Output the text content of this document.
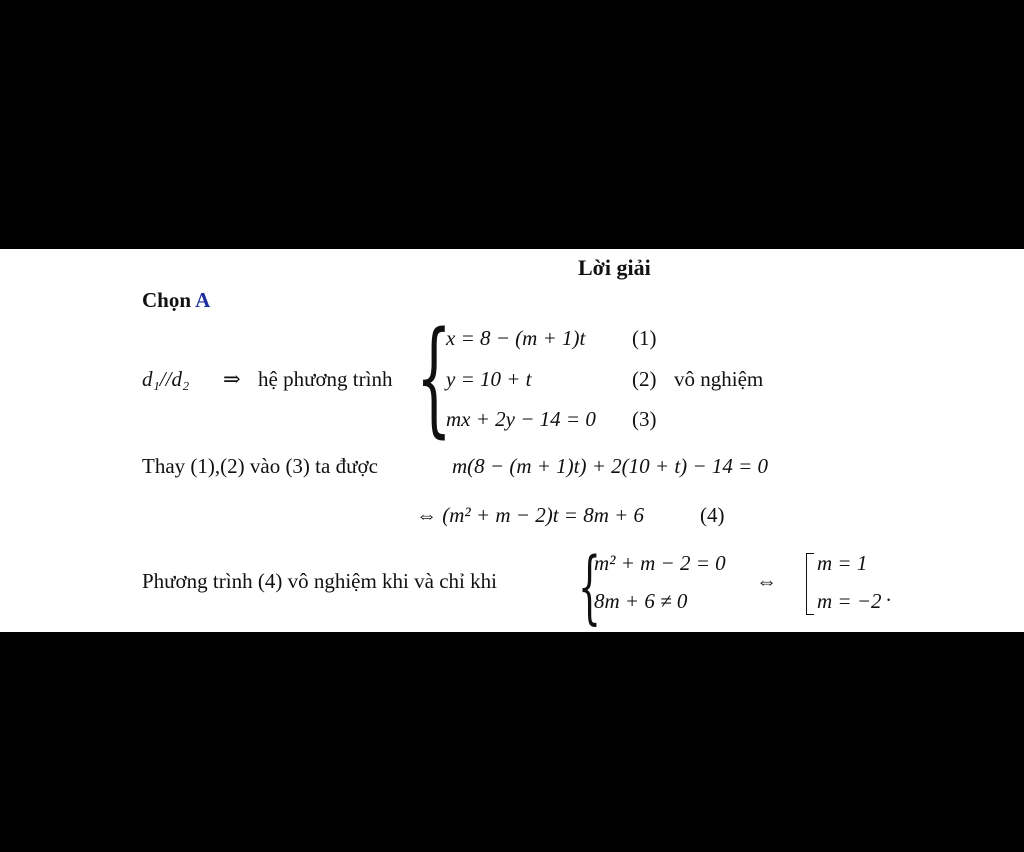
Lời giải
Chọn A
d₁//d₂ ⇒ hệ phương trình {
x = 8 − (m + 1)t (1)
y = 10 + t	(2)
mx + 2y − 14 = 0 (3)
vô nghiệm
Thay (1),(2) vào (3) ta được	m(8 − (m + 1)t) + 2(10 + t) − 14 = 0
⇔ (m² + m − 2)t = 8m + 6	(4)
Phương trình (4) vô nghiệm khi và chỉ khi {
m² + m − 2 = 0
8m + 6 ≠ 0
⇔
m = 1
m = −2 .
